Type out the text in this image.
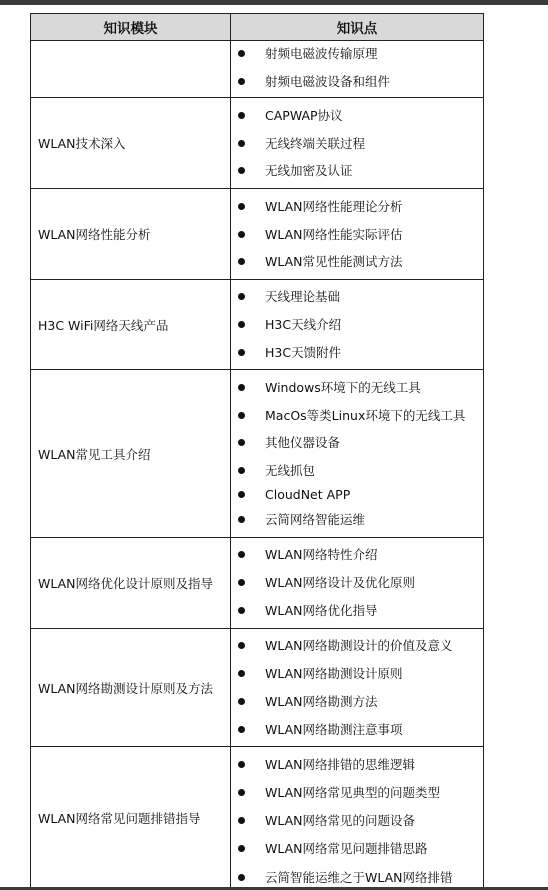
知识模块	知识点
射频电磁波传输原理
射频电磁波设备和组件
WLAN技术深入
CAPWAP协议
无线终端关联过程
无线加密及认证
WLAN网络性能分析
WLAN网络性能理论分析
WLAN网络性能实际评估
WLAN常见性能测试方法
H3C WiFi网络天线产品
天线理论基础
H3C天线介绍
H3C天馈附件
WLAN常见工具介绍
Windows环境下的无线工具
MacOs等类Linux环境下的无线工具
其他仪器设备
无线抓包
CloudNet APP
云简网络智能运维
WLAN网络优化设计原则及指导
WLAN网络特性介绍
WLAN网络设计及优化原则
WLAN网络优化指导
WLAN网络勘测设计原则及方法
WLAN网络勘测设计的价值及意义
WLAN网络勘测设计原则
WLAN网络勘测方法
WLAN网络勘测注意事项
WLAN网络常见问题排错指导
WLAN网络排错的思维逻辑
WLAN网络常见典型的问题类型
WLAN网络常见的问题设备
WLAN网络常见问题排错思路
云简智能运维之于WLAN网络排错
